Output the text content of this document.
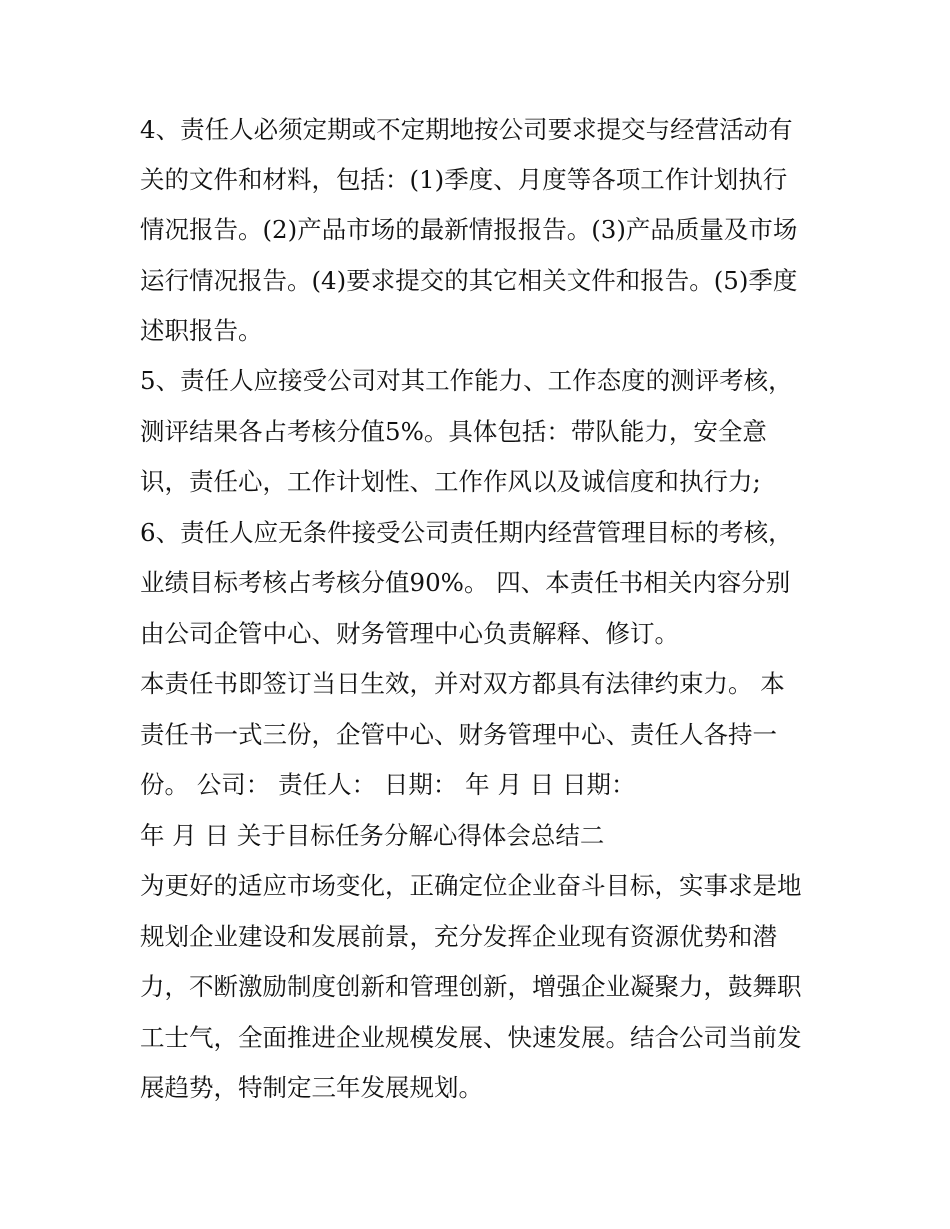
4、责任人必须定期或不定期地按公司要求提交与经营活动有
关的文件和材料，包括：(1)季度、月度等各项工作计划执行
情况报告。(2)产品市场的最新情报报告。(3)产品质量及市场
运行情况报告。(4)要求提交的其它相关文件和报告。(5)季度
述职报告。
5、责任人应接受公司对其工作能力、工作态度的测评考核，
测评结果各占考核分值5%。具体包括：带队能力，安全意
识，责任心，工作计划性、工作作风以及诚信度和执行力;
6、责任人应无条件接受公司责任期内经营管理目标的考核，
业绩目标考核占考核分值90%。 四、本责任书相关内容分别
由公司企管中心、财务管理中心负责解释、修订。
本责任书即签订当日生效，并对双方都具有法律约束力。 本
责任书一式三份，企管中心、财务管理中心、责任人各持一
份。 公司： 责任人： 日期： 年 月 日 日期：
年 月 日 关于目标任务分解心得体会总结二
为更好的适应市场变化，正确定位企业奋斗目标，实事求是地
规划企业建设和发展前景，充分发挥企业现有资源优势和潜
力，不断激励制度创新和管理创新，增强企业凝聚力，鼓舞职
工士气，全面推进企业规模发展、快速发展。结合公司当前发
展趋势，特制定三年发展规划。
